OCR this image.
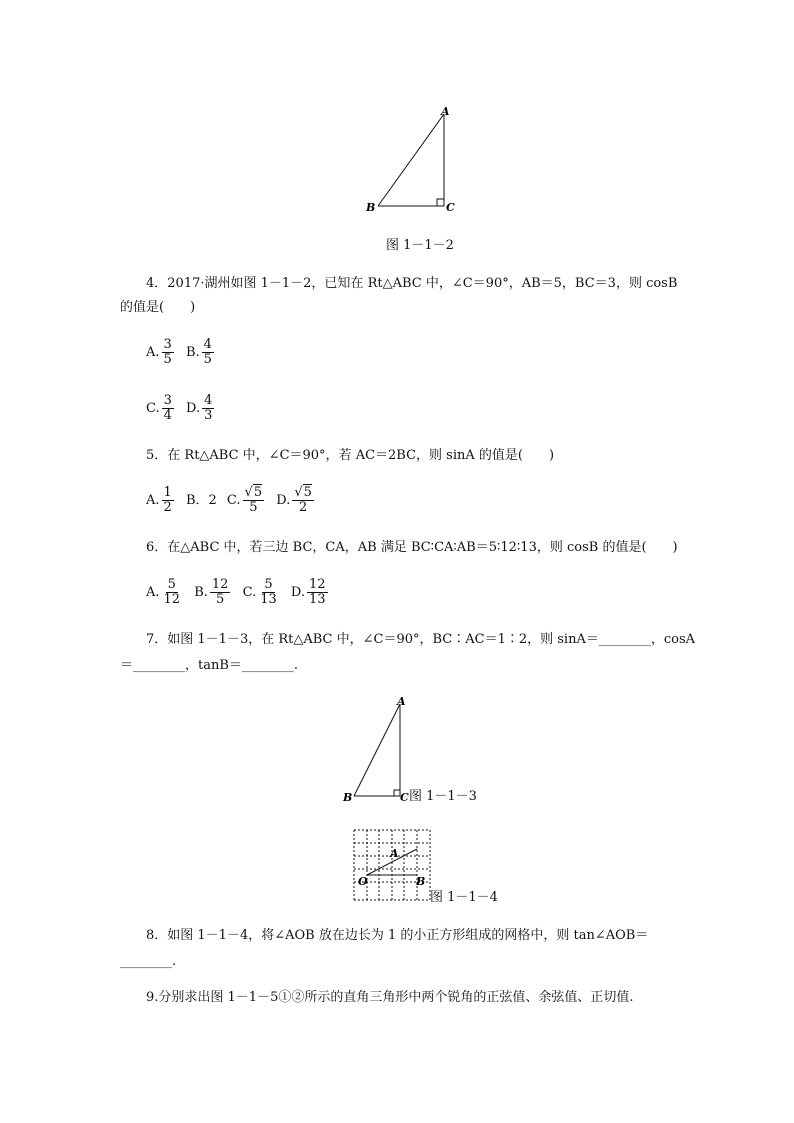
A
B	C
图 1－1－2
4．2017·湖州如图 1－1－2，已知在 Rt△ABC 中，∠C＝90°，AB＝5，BC＝3，则 cosB
的值是(　　)
A. $\frac{3}{5} B$. $\frac{4}{5}$
C. $\frac{3}{4} D$. $\frac{4}{3}$
5．在 Rt△ABC 中，∠C＝90°，若 AC＝2BC，则 sinA 的值是(　　)
A. $\frac{1}{2}$ B．2 C. $\frac{√5}{5} D$. $\frac{√5}{2}$
6．在△ABC 中，若三边 BC，CA，AB 满足 BC∶CA∶AB＝5∶12∶13，则 cosB 的值是(　　)
A. $\frac{5}{12} B$. $\frac{12}{5} C$. $\frac{5}{13} D$. $\frac{12}{13}$
7．如图 1－1－3，在 Rt△ABC 中，∠C＝90°，BC∶AC＝1∶2，则 sinA＝________，cosA
＝________，tanB＝________.
A
B	C 图 1－1－3
A
O	B
图 1－1－4
8．如图 1－1－4，将∠AOB 放在边长为 1 的小正方形组成的网格中，则 tan∠AOB＝
________.
9.分别求出图 1－1－5①②所示的直角三角形中两个锐角的正弦值、余弦值、正切值.
